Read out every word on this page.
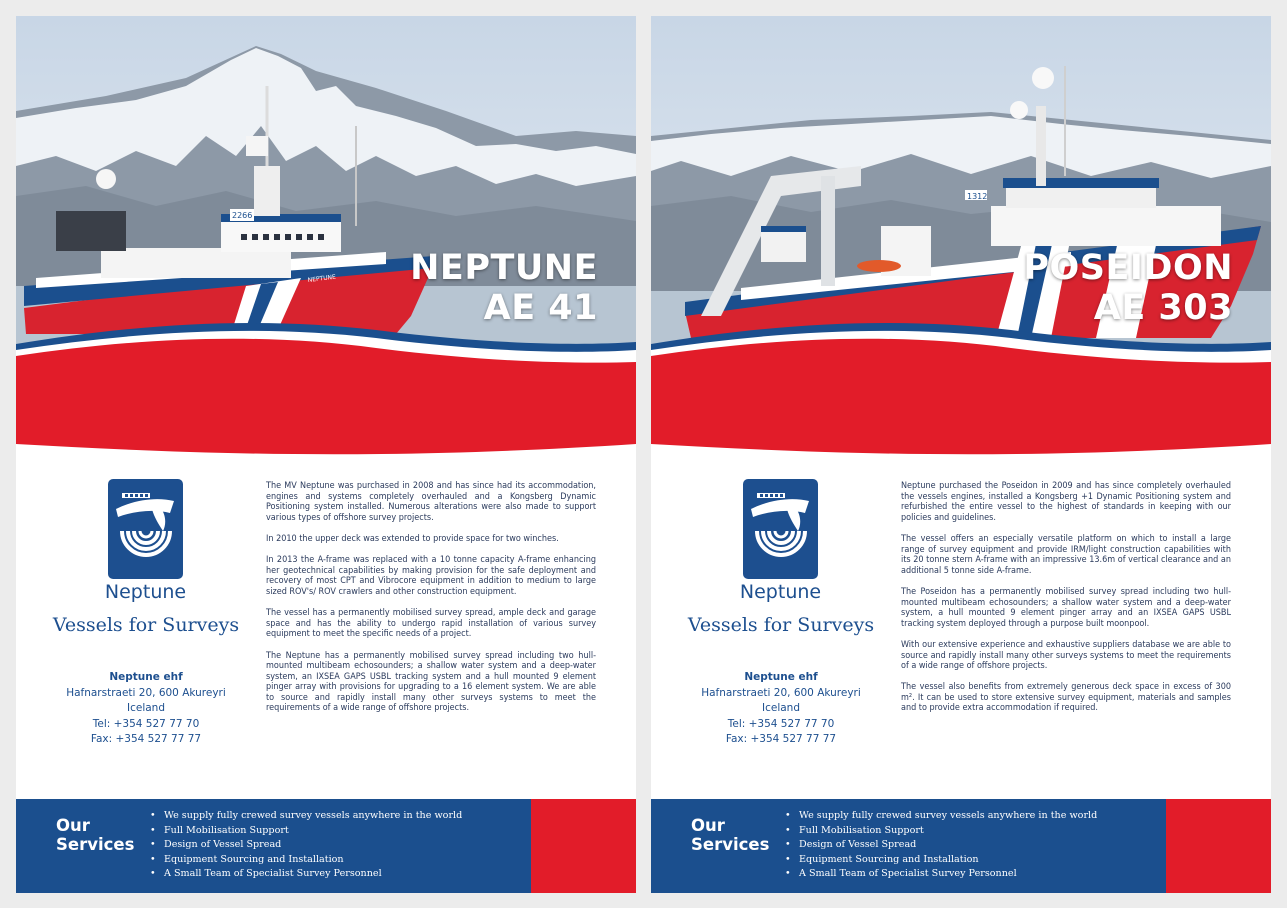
2266
NEPTUNE NEPTUNE
AE 41
Neptune
Vessels for Surveys
Neptune ehf
Hafnarstraeti 20, 600 Akureyri
Iceland
Tel: +354 527 77 70
Fax: +354 527 77 77

The MV Neptune was purchased in 2008 and has since had its accommodation, engines and systems completely overhauled and a Kongsberg Dynamic Positioning system installed. Numerous alterations were also made to support various types of offshore survey projects.

In 2010 the upper deck was extended to provide space for two winches.

In 2013 the A-frame was replaced with a 10 tonne capacity A-frame enhancing her geotechnical capabilities by making provision for the safe deployment and recovery of most CPT and Vibrocore equipment in addition to medium to large sized ROV's/ ROV crawlers and other construction equipment.

The vessel has a permanently mobilised survey spread, ample deck and garage space and has the ability to undergo rapid installation of various survey equipment to meet the specific needs of a project.

The Neptune has a permanently mobilised survey spread including two hull-mounted multibeam echosounders; a shallow water system and a deep-water system, an IXSEA GAPS USBL tracking system and a hull mounted 9 element pinger array with provisions for upgrading to a 16 element system. We are able to source and rapidly install many other surveys systems to meet the requirements of a wide range of offshore projects.

Our
Services
• We supply fully crewed survey vessels anywhere in the world
• Full Mobilisation Support
• Design of Vessel Spread
• Equipment Sourcing and Installation
• A Small Team of Specialist Survey Personnel
1312
POSEIDON
AE 303
Neptune
Vessels for Surveys
Neptune ehf
Hafnarstraeti 20, 600 Akureyri
Iceland
Tel: +354 527 77 70
Fax: +354 527 77 77

Neptune purchased the Poseidon in 2009 and has since completely overhauled the vessels engines, installed a Kongsberg +1 Dynamic Positioning system and refurbished the entire vessel to the highest of standards in keeping with our policies and guidelines.

The vessel offers an especially versatile platform on which to install a large range of survey equipment and provide IRM/light construction capabilities with its 20 tonne stern A-frame with an impressive 13.6m of vertical clearance and an additional 5 tonne side A-frame.

The Poseidon has a permanently mobilised survey spread including two hull-mounted multibeam echosounders; a shallow water system and a deep-water system, a hull mounted 9 element pinger array and an IXSEA GAPS USBL tracking system deployed through a purpose built moonpool.

With our extensive experience and exhaustive suppliers database we are able to source and rapidly install many other surveys systems to meet the requirements of a wide range of offshore projects.

The vessel also benefits from extremely generous deck space in excess of 300 m². It can be used to store extensive survey equipment, materials and samples and to provide extra accommodation if required.

Our
Services
• We supply fully crewed survey vessels anywhere in the world
• Full Mobilisation Support
• Design of Vessel Spread
• Equipment Sourcing and Installation
• A Small Team of Specialist Survey Personnel
